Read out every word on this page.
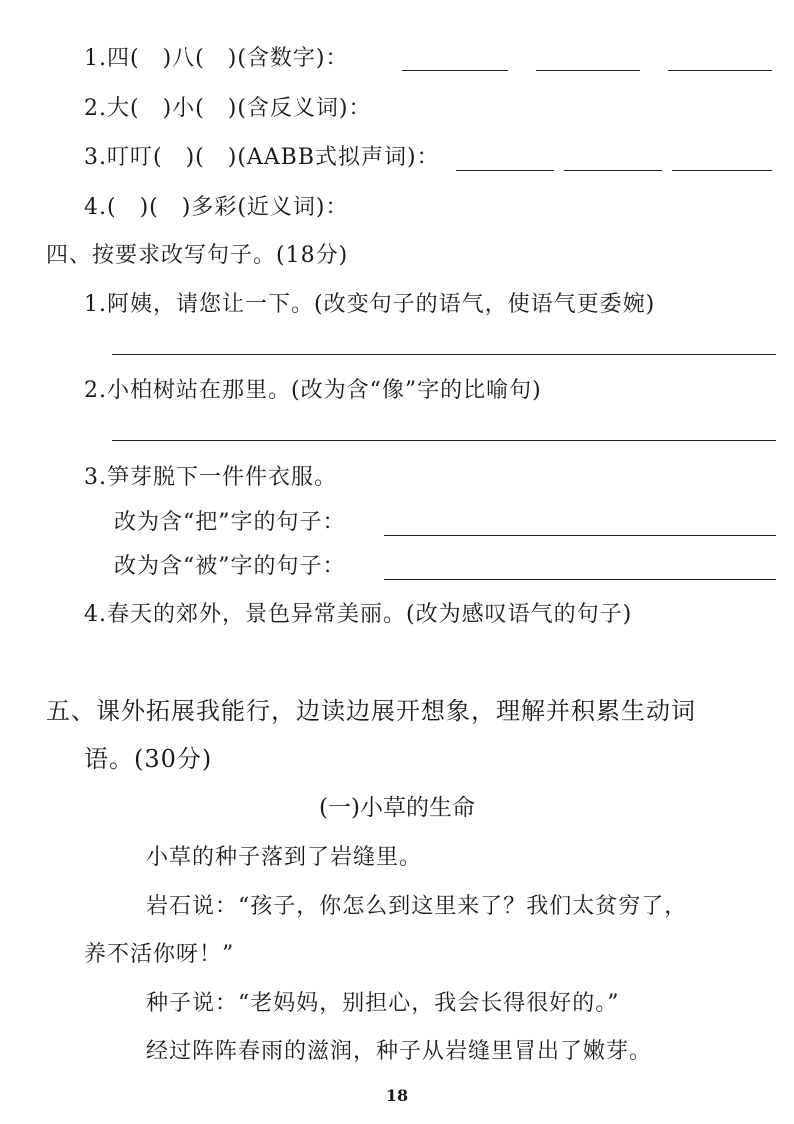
1.四(　)八(　)(含数字)：
2.大(　)小(　)(含反义词)：
3.叮叮(　)(　)(AABB式拟声词)：
4.(　)(　)多彩(近义词)：
四、按要求改写句子。(18分)
1.阿姨，请您让一下。(改变句子的语气，使语气更委婉)
2.小柏树站在那里。(改为含“像”字的比喻句)
3.笋芽脱下一件件衣服。
改为含“把”字的句子：
改为含“被”字的句子：
4.春天的郊外，景色异常美丽。(改为感叹语气的句子)
五、课外拓展我能行，边读边展开想象，理解并积累生动词
语。(30分)
(一)小草的生命
小草的种子落到了岩缝里。
岩石说：“孩子，你怎么到这里来了？我们太贫穷了，
养不活你呀！”
种子说：“老妈妈，别担心，我会长得很好的。”
经过阵阵春雨的滋润，种子从岩缝里冒出了嫩芽。
18
